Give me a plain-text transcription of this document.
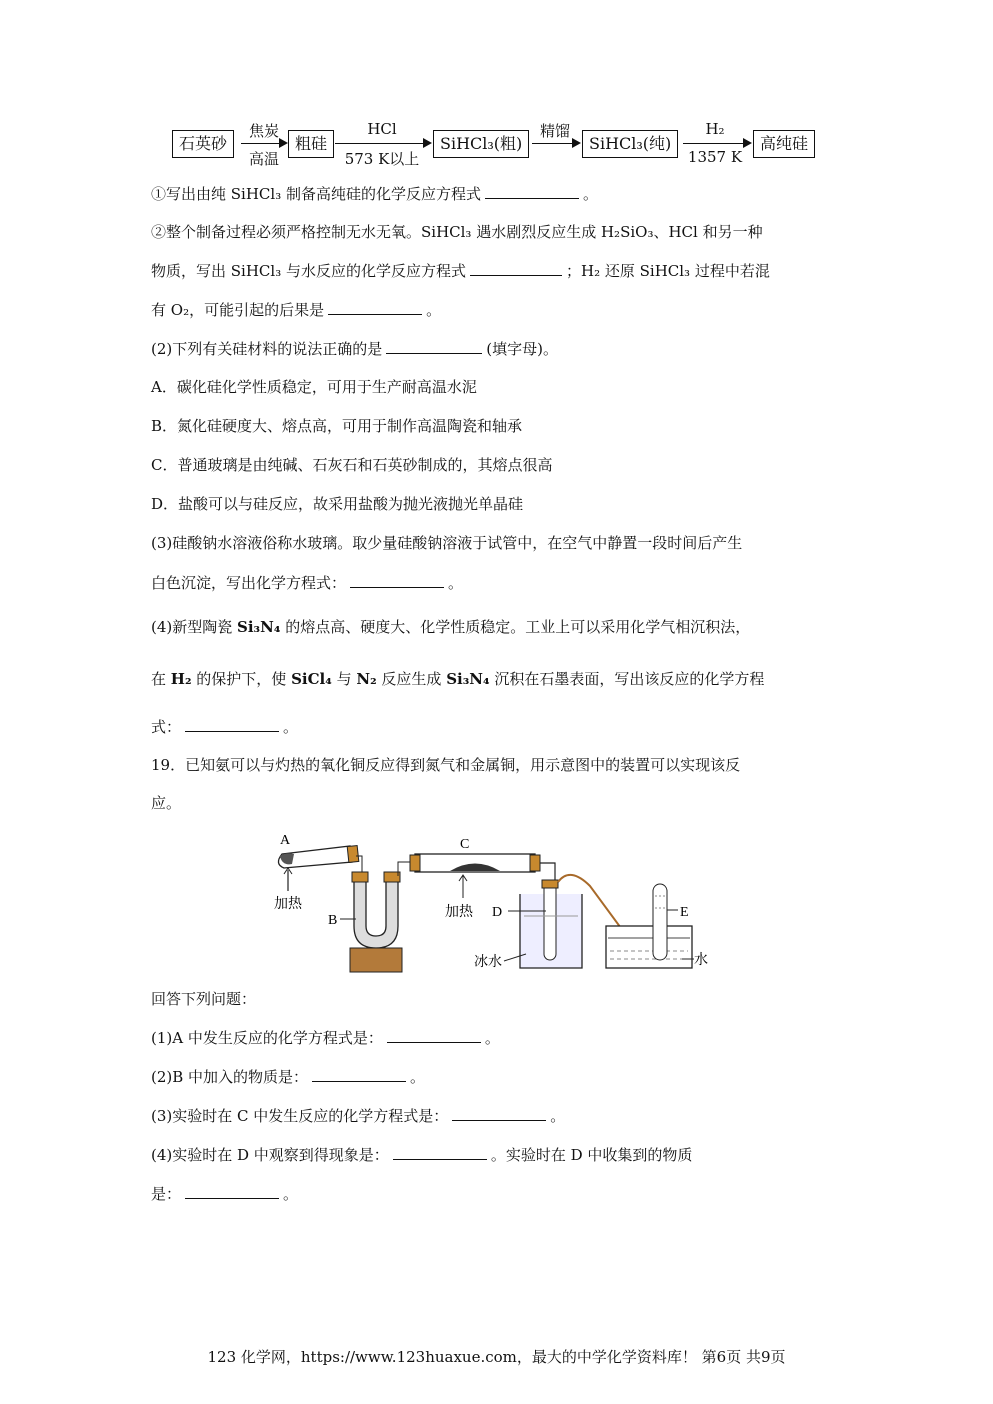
石英砂
焦炭
高温
粗硅
HCl
573 K以上
SiHCl₃(粗)
精馏
SiHCl₃(纯)
H₂
1357 K
高纯硅
①写出由纯 SiHCl₃ 制备高纯硅的化学反应方程式	。
②整个制备过程必须严格控制无水无氧。SiHCl₃ 遇水剧烈反应生成 H₂SiO₃、HCl 和另一种
物质，写出 SiHCl₃ 与水反应的化学反应方程式	；H₂ 还原 SiHCl₃ 过程中若混
有 O₂，可能引起的后果是	。
(2)下列有关硅材料的说法正确的是	(填字母)。
A．碳化硅化学性质稳定，可用于生产耐高温水泥
B．氮化硅硬度大、熔点高，可用于制作高温陶瓷和轴承
C．普通玻璃是由纯碱、石灰石和石英砂制成的，其熔点很高
D．盐酸可以与硅反应，故采用盐酸为抛光液抛光单晶硅
(3)硅酸钠水溶液俗称水玻璃。取少量硅酸钠溶液于试管中，在空气中静置一段时间后产生
白色沉淀，写出化学方程式：	。
(4)新型陶瓷 Si₃N₄ 的熔点高、硬度大、化学性质稳定。工业上可以采用化学气相沉积法，
在 H₂ 的保护下，使 SiCl₄ 与 N₂ 反应生成 Si₃N₄ 沉积在石墨表面，写出该反应的化学方程
式：	。
19．已知氨可以与灼热的氧化铜反应得到氮气和金属铜，用示意图中的装置可以实现该反
应。
A
加热
B
C
加热 D
冰水
E
水
回答下列问题：
(1)A 中发生反应的化学方程式是：	。
(2)B 中加入的物质是：	。
(3)实验时在 C 中发生反应的化学方程式是：	。
(4)实验时在 D 中观察到得现象是：	。实验时在 D 中收集到的物质
是：	。
123 化学网，https://www.123huaxue.com，最大的中学化学资料库！ 第6页 共9页
